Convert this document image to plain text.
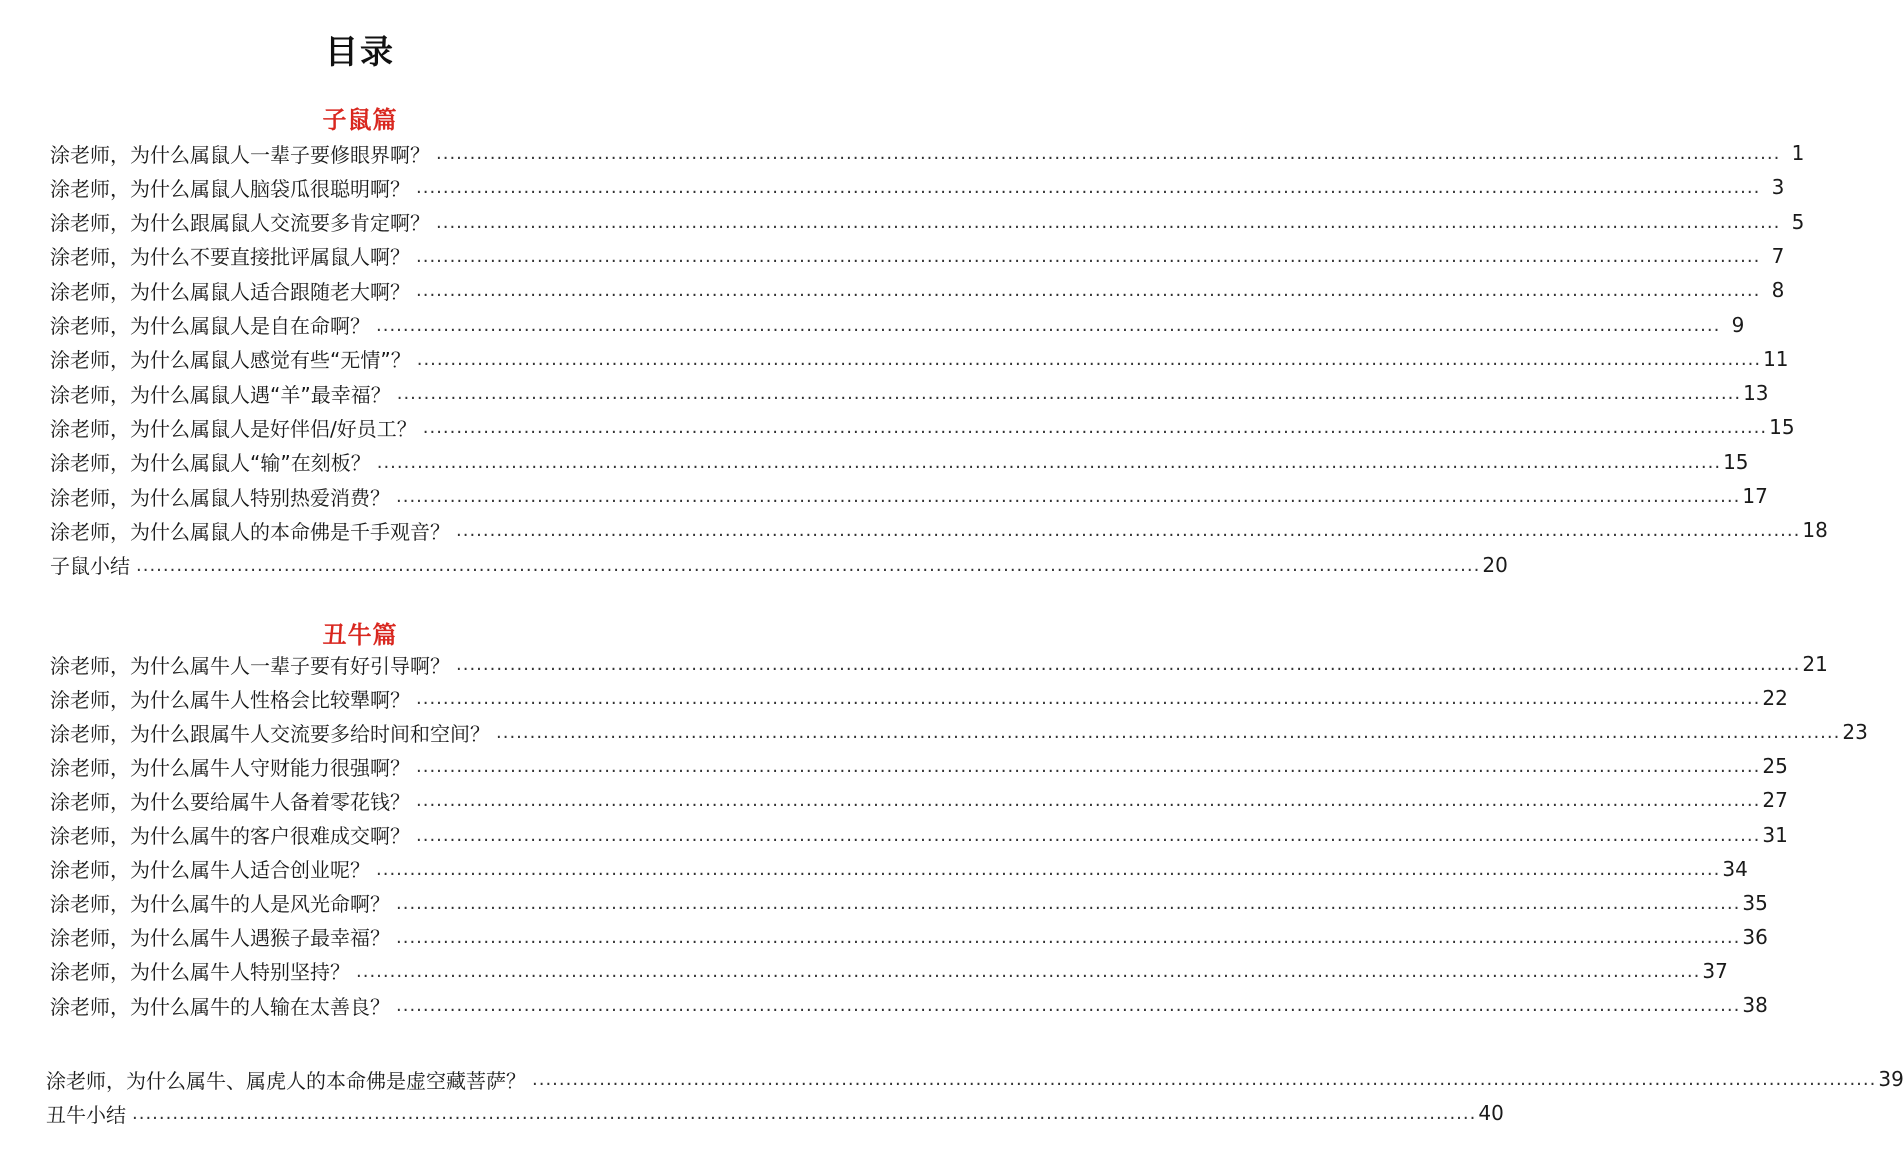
目录
子鼠篇
丑牛篇
涂老师，为什么属鼠人一辈子要修眼界啊？ ........................................................................................................................................................................................................ 1
涂老师，为什么属鼠人脑袋瓜很聪明啊？ ........................................................................................................................................................................................................ 3
涂老师，为什么跟属鼠人交流要多肯定啊？ ........................................................................................................................................................................................................ 5
涂老师，为什么不要直接批评属鼠人啊？ ........................................................................................................................................................................................................ 7
涂老师，为什么属鼠人适合跟随老大啊？ ........................................................................................................................................................................................................ 8
涂老师，为什么属鼠人是自在命啊？ ........................................................................................................................................................................................................ 9
涂老师，为什么属鼠人感觉有些“无情”？ ........................................................................................................................................................................................................ 11
涂老师，为什么属鼠人遇“羊”最幸福？ ........................................................................................................................................................................................................ 13
涂老师，为什么属鼠人是好伴侣/好员工？ ........................................................................................................................................................................................................ 15
涂老师，为什么属鼠人“输”在刻板？ ........................................................................................................................................................................................................ 15
涂老师，为什么属鼠人特别热爱消费？ ........................................................................................................................................................................................................ 17
涂老师，为什么属鼠人的本命佛是千手观音？ ........................................................................................................................................................................................................ 18
子鼠小结 ........................................................................................................................................................................................................ 20
涂老师，为什么属牛人一辈子要有好引导啊？ ........................................................................................................................................................................................................ 21
涂老师，为什么属牛人性格会比较犟啊？ ........................................................................................................................................................................................................ 22
涂老师，为什么跟属牛人交流要多给时间和空间？ ........................................................................................................................................................................................................ 23
涂老师，为什么属牛人守财能力很强啊？ ........................................................................................................................................................................................................ 25
涂老师，为什么要给属牛人备着零花钱？ ........................................................................................................................................................................................................ 27
涂老师，为什么属牛的客户很难成交啊？ ........................................................................................................................................................................................................ 31
涂老师，为什么属牛人适合创业呢？ ........................................................................................................................................................................................................ 34
涂老师，为什么属牛的人是风光命啊？ ........................................................................................................................................................................................................ 35
涂老师，为什么属牛人遇猴子最幸福？ ........................................................................................................................................................................................................ 36
涂老师，为什么属牛人特别坚持？ ........................................................................................................................................................................................................ 37
涂老师，为什么属牛的人输在太善良？ ........................................................................................................................................................................................................ 38
涂老师，为什么属牛、属虎人的本命佛是虚空藏菩萨？ ........................................................................................................................................................................................................ 39
丑牛小结 ........................................................................................................................................................................................................ 40
